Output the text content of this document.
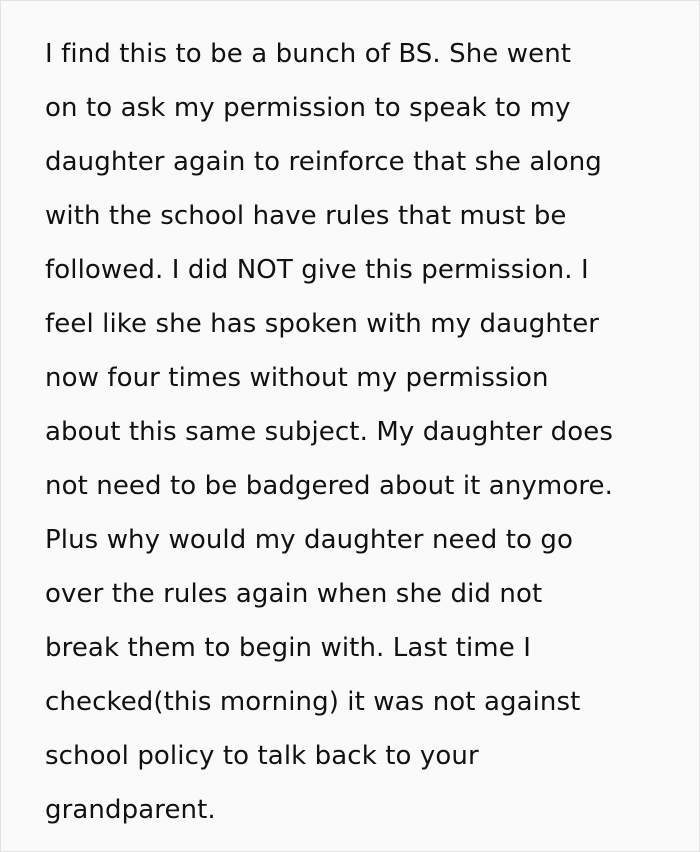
I find this to be a bunch of BS. She went
on to ask my permission to speak to my
daughter again to reinforce that she along
with the school have rules that must be
followed. I did NOT give this permission. I
feel like she has spoken with my daughter
now four times without my permission
about this same subject. My daughter does
not need to be badgered about it anymore.
Plus why would my daughter need to go
over the rules again when she did not
break them to begin with. Last time I
checked(this morning) it was not against
school policy to talk back to your
grandparent.
